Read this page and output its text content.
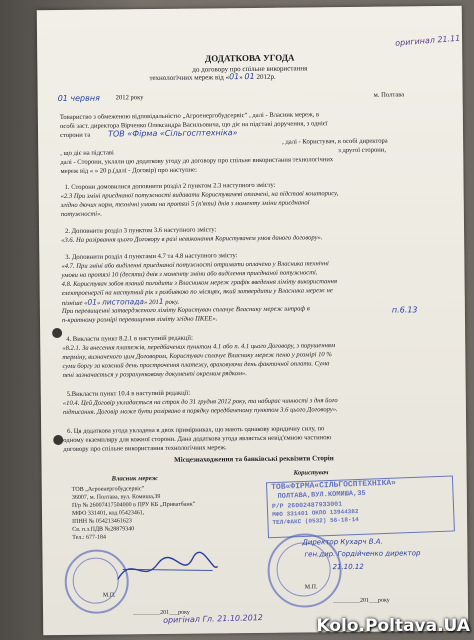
оригинал 21.11
ДОДАТКОВА УГОДА
до договору про спільне використання
технологічних мереж від «01» 01 2012р.
01 червня 2012 року	м. Полтава
Товариство з обмеженою відповідальністю „Агроенергобудсервіс” , далі - Власник мереж, в
особі заст. директора Вірченко Олександра Васильовича, що діє на підставі доручення, з однієї
сторони та ТОВ «Фірма «Сільгосптехніка»
, далі - Користувач, в особі директора
, що діє на підставі	з другої сторони,
далі - Сторони, уклали цю додаткову угоду до договору про спільне використання технологічних
мереж від « » 20 р.(далі - Договір) про наступне:
1. Сторони домовилися доповнити розділ 2 пунктом 2.3 наступного змісту:
«2.3 При зміні приєднаної потужності видавати Користувачеві оплачені, на підставі кошторису,
згідно дючих норм, технічні умови на протязі 5 (п'яти) днів з моменту зміни приєднаної
потужності».
2. Доповнити розділ 3 пунктом 3.6 наступного змісту:
«3.6. На розірвання цього Договору в разі невиконання Користувачем умов даного договору».
3. Доповнити розділ 4 пунктами 4.7 та 4.8 наступного змісту:
«4.7. При зміні або виділенні приєднаної потужності отримати оплачено у Власника технічні
умови на протязі 10 (десяти) днів з моменту зміни або виділення приєднаної потужності.
4.8. Користувач зобов язаний погодити з Власником мереж графік введення ліміту використання
електроенергії на наступний рік з розбивкою по місяцях, який затвердити у Власника мереж не
пізніше «01» листопада» 2011 року.
При перевищенні затвердженого ліміту Користувач сплачує Власнику мереж штраф в	п.6.13
n-кратному розмірі перевищення ліміту згідно ПКЕЕ».
4. Викласти пункт 8.2.1 в наступній редакції:
«8.2.1. За внесення платежів, передбачених пунктом 4.1 або п. 4.1 цього Договору, з порушенням
терміну, визначеного цим Договором, Користувач сплачує Власнику мереж пеню у розмірі 10 %
суми боргу за кожний день прострочення платежу, враховуючи день фактичної оплати. Сума
пені зазначається у розрахунковому документі окремим рядком».
5.Викласти пункт 10.4 в наступній редакції:
«10.4. Цей Договір укладається на строк до 31 грудня 2012 року, та набирає чинності з дня його
підписання. Договір може бути розірвано в порядку передбаченому пунктом 3.6 цього Договору».
6. Ця додаткова угода укладена в двох примірниках, що мають однакову юридичну силу, по
одному екземпляру для кожної сторони. Дана додаткова угода являється невід'ємною частиною
договору про спільне використання технологічних мереж.
Місцезнаходження та банківські реквізити Сторін
Власник мереж
ТОВ „Агроенергобудсервіс”
36007, м. Полтава, вул. Комиша,39
П/р № 26007417504000 в ПРУ КБ „Приватбанк”
МФО 331401, код 05423461,
ІПНН № 054213461623
Св. п.з.ПДВ №28879340
Тел.: 677-184
М.П.
_________201___року
Користувач
ТОВ«ФІРМА«СІЛЬГОСПТЕХНІКА»
ПОЛТАВА,ВУЛ.КОМИША,35
Р/Р 26002487933001
МФО 331401 ОКПО 13944382
ТЕЛ/ФАКС (0532) 56-18-14
Директор Кухарч В.А.
ген.дир. Гордійченко директор
21.10.12
М.П.
_________201___року
оригінал Гл. 21.10.2012	Kolo.Poltava.UA
